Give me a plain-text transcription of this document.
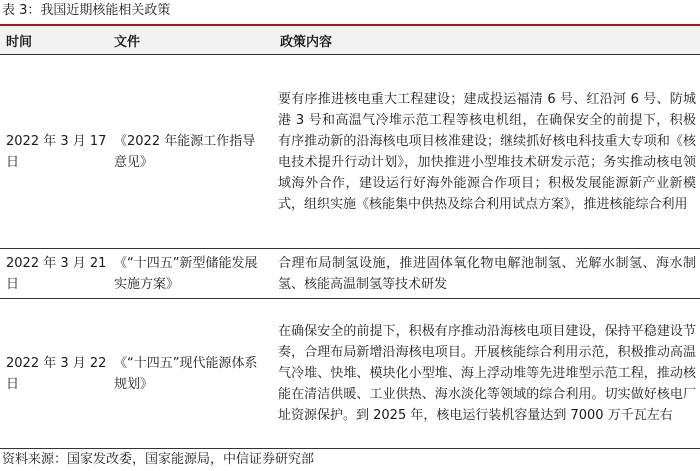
表 3：我国近期核能相关政策
时间	文件	政策内容
2022 年 3 月 17 日	《2022 年能源工作指导意见》	要有序推进核电重大工程建设；建成投运福清 6 号、红沿河 6 号、防城港 3 号和高温气冷堆示范工程等核电机组，在确保安全的前提下，积极有序推动新的沿海核电项目核准建设；继续抓好核电科技重大专项和《核电技术提升行动计划》，加快推进小型堆技术研发示范；务实推动核电领域海外合作，建设运行好海外能源合作项目；积极发展能源新产业新模式，组织实施《核能集中供热及综合利用试点方案》，推进核能综合利用
2022 年 3 月 21 日	《“十四五”新型储能发展实施方案》	合理布局制氢设施，推进固体氧化物电解池制氢、光解水制氢、海水制氢、核能高温制氢等技术研发
2022 年 3 月 22 日	《“十四五”现代能源体系规划》	在确保安全的前提下，积极有序推动沿海核电项目建设，保持平稳建设节奏，合理布局新增沿海核电项目。开展核能综合利用示范，积极推动高温气冷堆、快堆、模块化小型堆、海上浮动堆等先进堆型示范工程，推动核能在清洁供暖、工业供热、海水淡化等领域的综合利用。切实做好核电厂址资源保护。到 2025 年，核电运行装机容量达到 7000 万千瓦左右
资料来源：国家发改委，国家能源局，中信证券研究部
